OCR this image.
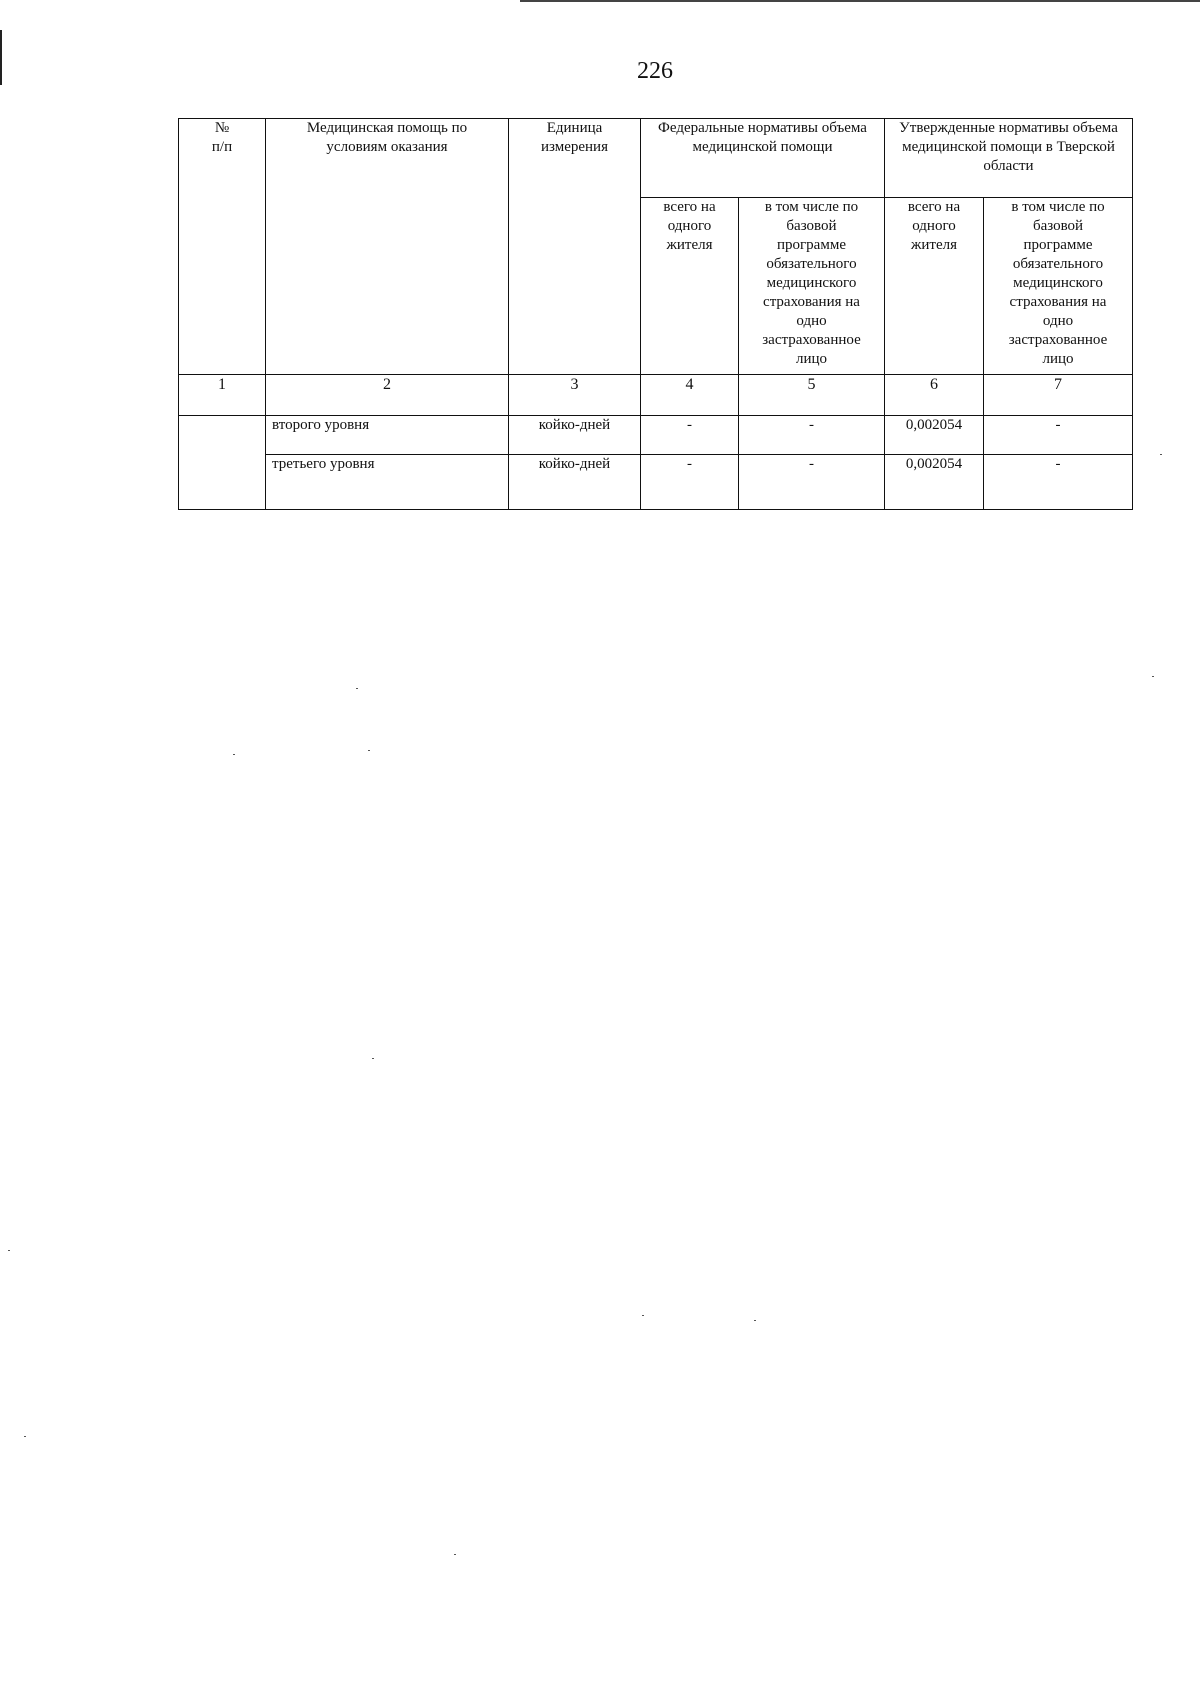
226
№
п/п	Медицинская помощь по условиям оказания	Единица измерения	Федеральные нормативы объема медицинской помощи		Утвержденные нормативы объема медицинской помощи в Тверской области	
			всего на одного жителя	в том числе по базовой программе обязательного медицинского страхования на одно застрахованное лицо	всего на одного жителя	в том числе по базовой программе обязательного медицинского страхования на одно застрахованное лицо
1	2	3	4	5	6	7
	второго уровня	койко-дней	-	-	0,002054	-
	третьего уровня	койко-дней	-	-	0,002054	-
